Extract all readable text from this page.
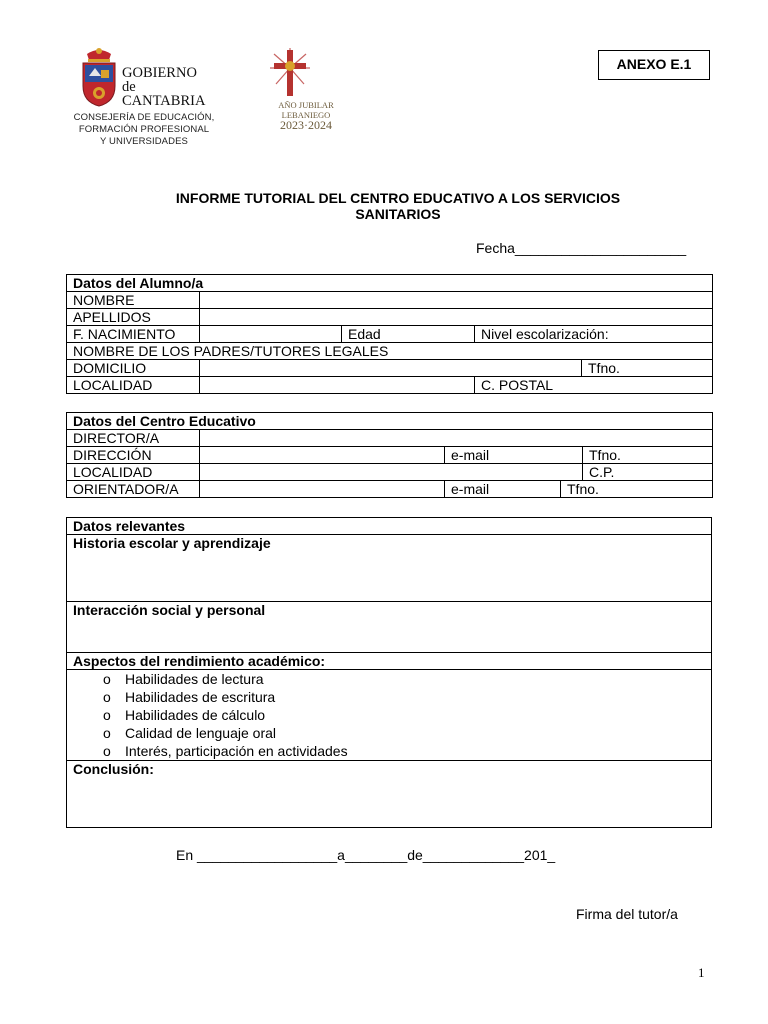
GOBIERNO
de
CANTABRIA
CONSEJERÍA DE EDUCACIÓN,
FORMACIÓN PROFESIONAL
Y UNIVERSIDADES
AÑO JUBILAR
LEBANIEGO
2023·2024
ANEXO E.1
INFORME TUTORIAL DEL CENTRO EDUCATIVO A LOS SERVICIOS
SANITARIOS
Fecha______________________
Datos del Alumno/a				
NOMBRE				
APELLIDOS				
F. NACIMIENTO		Edad	Nivel escolarización:	
NOMBRE DE LOS PADRES/TUTORES LEGALES				
DOMICILIO				Tfno.
LOCALIDAD			C. POSTAL	
Datos del Centro Educativo				
DIRECTOR/A				
DIRECCIÓN		e-mail		Tfno.
LOCALIDAD				C.P.
ORIENTADOR/A		e-mail	Tfno.	
Datos relevantes
Historia escolar y aprendizaje
Interacción social y personal
Aspectos del rendimiento académico:

o Habilidades de lectura
o Habilidades de escritura
o Habilidades de cálculo
o Calidad de lenguaje oral
o Interés, participación en actividades

Conclusión:
En __________________a________de_____________201_
Firma del tutor/a
1
